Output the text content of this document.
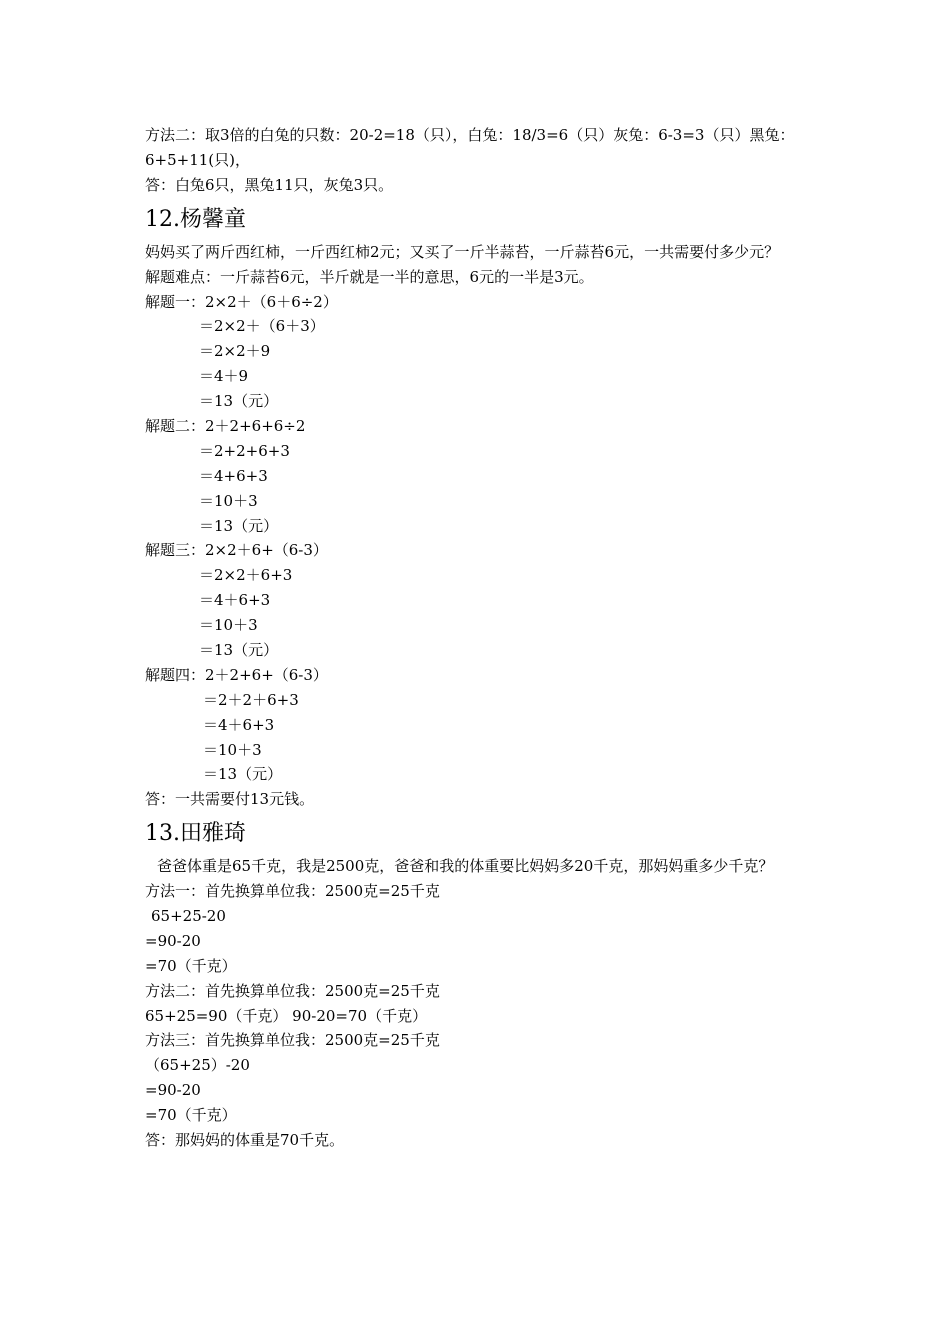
方法二：取3倍的白兔的只数：20-2=18（只），白兔：18/3=6（只）灰兔：6-3=3（只）黑兔：6+5+11(只)，
答：白兔6只，黑兔11只，灰兔3只。
12.杨馨童
妈妈买了两斤西红柿，一斤西红柿2元；又买了一斤半蒜苔，一斤蒜苔6元，一共需要付多少元？
解题难点：一斤蒜苔6元，半斤就是一半的意思，6元的一半是3元。
解题一：2×2＋（6＋6÷2）
＝2×2＋（6＋3）
＝2×2＋9
＝4＋9
＝13（元）
解题二：2＋2+6+6÷2
＝2+2+6+3
＝4+6+3
＝10＋3
＝13（元）
解题三：2×2＋6+（6-3）
＝2×2＋6+3
＝4＋6+3
＝10＋3
＝13（元）
解题四：2＋2+6+（6-3）
＝2＋2＋6+3
＝4＋6+3
＝10＋3
＝13（元）
答：一共需要付13元钱。
13.田雅琦
爸爸体重是65千克，我是2500克，爸爸和我的体重要比妈妈多20千克，那妈妈重多少千克？
方法一：首先换算单位我：2500克=25千克
65+25-20
=90-20
=70（千克）
方法二：首先换算单位我：2500克=25千克
65+25=90（千克） 90-20=70（千克）
方法三：首先换算单位我：2500克=25千克
（65+25）-20
=90-20
=70（千克）
答：那妈妈的体重是70千克。
